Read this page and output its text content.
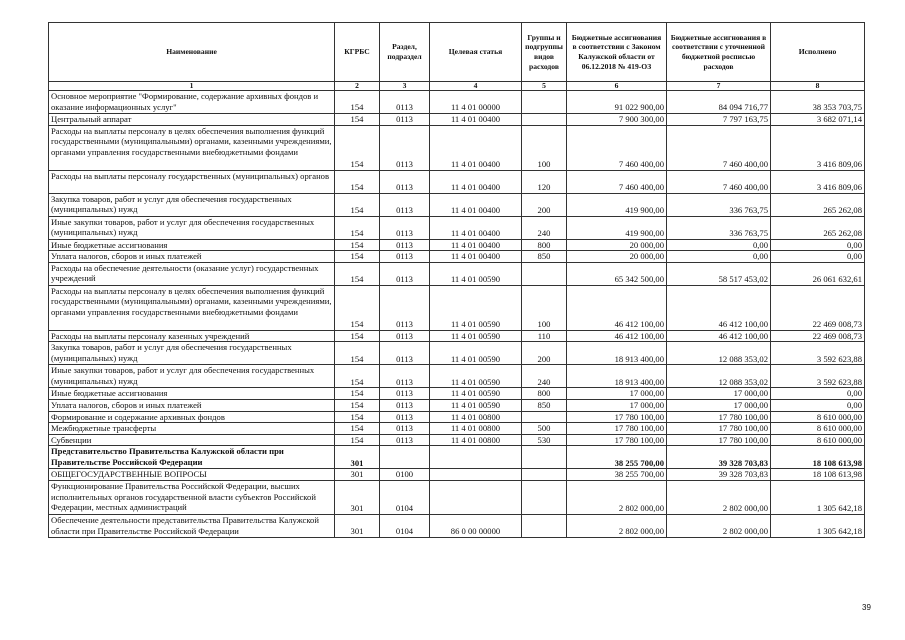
Наименование	КГРБС	Раздел, подраздел	Целевая статья	Группы и подгруппы видов расходов	Бюджетные ассигнования в соответствии с Законом Калужской области от 06.12.2018 № 419-ОЗ	Бюджетные ассигнования в соответствии с уточненной бюджетной росписью расходов	Исполнено
1	2	3	4	5	6	7	8
Основное мероприятие "Формирование, содержание архивных фондов и оказание информационных услуг"	154	0113	11 4 01 00000		91 022 900,00	84 094 716,77	38 353 703,75
Центральный аппарат	154	0113	11 4 01 00400		7 900 300,00	7 797 163,75	3 682 071,14
Расходы на выплаты персоналу в целях обеспечения выполнения функций государственными (муниципальными) органами, казенными учреждениями, органами управления государственными внебюджетными фондами	154	0113	11 4 01 00400	100	7 460 400,00	7 460 400,00	3 416 809,06
Расходы на выплаты персоналу государственных (муниципальных) органов	154	0113	11 4 01 00400	120	7 460 400,00	7 460 400,00	3 416 809,06
Закупка товаров, работ и услуг для обеспечения государственных (муниципальных) нужд	154	0113	11 4 01 00400	200	419 900,00	336 763,75	265 262,08
Иные закупки товаров, работ и услуг для обеспечения государственных (муниципальных) нужд	154	0113	11 4 01 00400	240	419 900,00	336 763,75	265 262,08
Иные бюджетные ассигнования	154	0113	11 4 01 00400	800	20 000,00	0,00	0,00
Уплата налогов, сборов и иных платежей	154	0113	11 4 01 00400	850	20 000,00	0,00	0,00
Расходы на обеспечение деятельности (оказание услуг) государственных учреждений	154	0113	11 4 01 00590		65 342 500,00	58 517 453,02	26 061 632,61
Расходы на выплаты персоналу в целях обеспечения выполнения функций государственными (муниципальными) органами, казенными учреждениями, органами управления государственными внебюджетными фондами	154	0113	11 4 01 00590	100	46 412 100,00	46 412 100,00	22 469 008,73
Расходы на выплаты персоналу казенных учреждений	154	0113	11 4 01 00590	110	46 412 100,00	46 412 100,00	22 469 008,73
Закупка товаров, работ и услуг для обеспечения государственных (муниципальных) нужд	154	0113	11 4 01 00590	200	18 913 400,00	12 088 353,02	3 592 623,88
Иные закупки товаров, работ и услуг для обеспечения государственных (муниципальных) нужд	154	0113	11 4 01 00590	240	18 913 400,00	12 088 353,02	3 592 623,88
Иные бюджетные ассигнования	154	0113	11 4 01 00590	800	17 000,00	17 000,00	0,00
Уплата налогов, сборов и иных платежей	154	0113	11 4 01 00590	850	17 000,00	17 000,00	0,00
Формирование и содержание архивных фондов	154	0113	11 4 01 00800		17 780 100,00	17 780 100,00	8 610 000,00
Межбюджетные трансферты	154	0113	11 4 01 00800	500	17 780 100,00	17 780 100,00	8 610 000,00
Субвенции	154	0113	11 4 01 00800	530	17 780 100,00	17 780 100,00	8 610 000,00
Представительство Правительства Калужской области при Правительстве Российской Федерации	301				38 255 700,00	39 328 703,83	18 108 613,98
ОБЩЕГОСУДАРСТВЕННЫЕ ВОПРОСЫ	301	0100			38 255 700,00	39 328 703,83	18 108 613,98
Функционирование Правительства Российской Федерации, высших исполнительных органов государственной власти субъектов Российской Федерации, местных администраций	301	0104			2 802 000,00	2 802 000,00	1 305 642,18
Обеспечение деятельности представительства Правительства Калужской области при Правительстве Российской Федерации	301	0104	86 0 00 00000		2 802 000,00	2 802 000,00	1 305 642,18
39
